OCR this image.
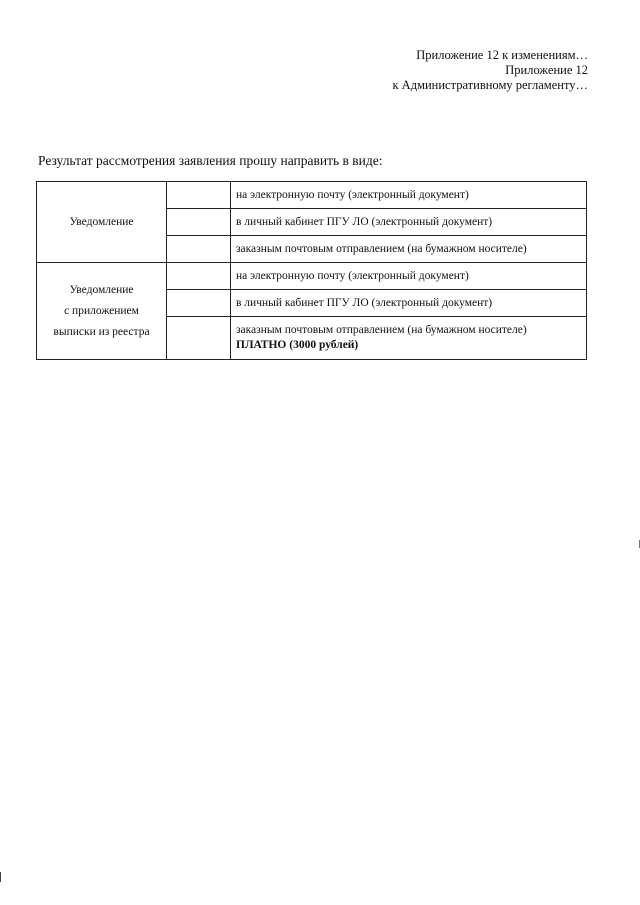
Приложение 12 к изменениям…
Приложение 12
к Административному регламенту…
Результат рассмотрения заявления прошу направить в виде:
Уведомление		на электронную почту (электронный документ)
		в личный кабинет ПГУ ЛО (электронный документ)
		заказным почтовым отправлением (на бумажном носителе)
Уведомление
с приложением
выписки из реестра		на электронную почту (электронный документ)
		в личный кабинет ПГУ ЛО (электронный документ)
		заказным почтовым отправлением (на бумажном носителе)
ПЛАТНО (3000 рублей)
